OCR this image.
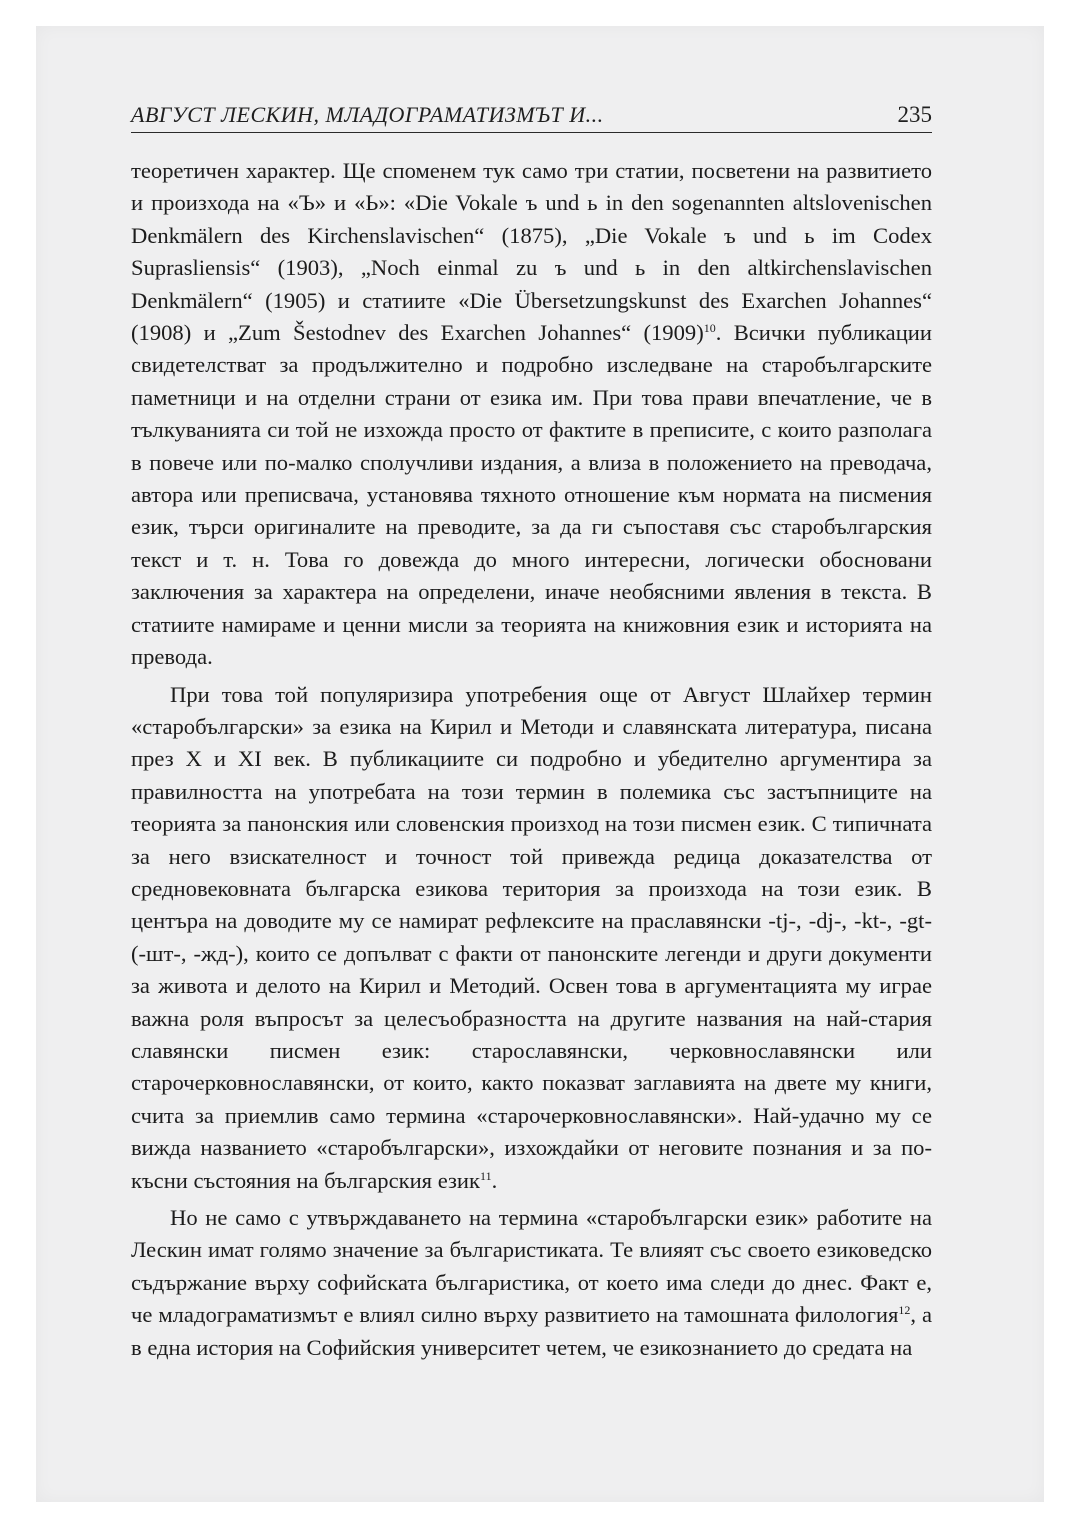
АВГУСТ ЛЕСКИН, МЛАДОГРАМАТИЗМЪТ И...	235

теоретичен характер. Ще споменем тук само три статии, посветени на развитието и произхода на «Ъ» и «Ь»: «Die Vokale ъ und ь in den sogenannten altslovenischen Denkmälern des Kirchenslavischen“ (1875), „Die Vokale ъ und ь im Codex Suprasliensis“ (1903), „Noch einmal zu ъ und ь in den altkirchenslavischen Denkmälern“ (1905) и статиите «Die Übersetzungskunst des Exarchen Johannes“ (1908) и „Zum Šestodnev des Exarchen Johannes“ $(1909)^{10}$. Всички публикации свидетелстват за продължително и подробно изследване на старобългарските паметници и на отделни страни от езика им. При това прави впечатление, че в тълкуванията си той не изхожда просто от фактите в преписите, с които разполага в повече или по-малко сполучливи издания, а влиза в положението на преводача, автора или преписвача, установява тяхното отношение към нормата на писмения език, търси оригиналите на преводите, за да ги съпоставя със старобългарския текст и т. н. Това го довежда до много интересни, логически обосновани заключения за характера на определени, иначе необясними явления в текста. В статиите намираме и ценни мисли за теорията на книжовния език и историята на превода.

При това той популяризира употребения още от Август Шлайхер термин «старобългарски» за езика на Кирил и Методи и славянската литература, писана през X и XI век. В публикациите си подробно и убедително аргументира за правилността на употребата на този термин в полемика със застъпниците на теорията за панонския или словенския произход на този писмен език. С типичната за него взискателност и точност той привежда редица доказателства от средновековната българска езикова територия за произхода на този език. В центъра на доводите му се намират рефлексите на праславянски -tj-, -dj-, -kt-, -gt- (-шт-, -жд-), които се допълват с факти от панонските легенди и други документи за живота и делото на Кирил и Методий. Освен това в аргументацията му играе важна роля въпросът за целесъобразността на другите названия на най-стария славянски писмен език: старославянски, черковнославянски или старочерковнославянски, от които, както показват заглавията на двете му книги, счита за приемлив само термина «старочерковнославянски». Най-удачно му се вижда названието «старобългарски», изхождайки от неговите познания и за покъсни състояния на българския език$^{11}$.

Но не само с утвърждаването на термина «старобългарски език» работите на Лескин имат голямо значение за българистиката. Те влияят със своето езиковедско съдържание върху софийската българистика, от което има следи до днес. Факт е, че младограматизмът е влиял силно върху развитието на тамошната филология$^{12}$, а в една история на Софийския университет четем, че езикознанието до средата на
